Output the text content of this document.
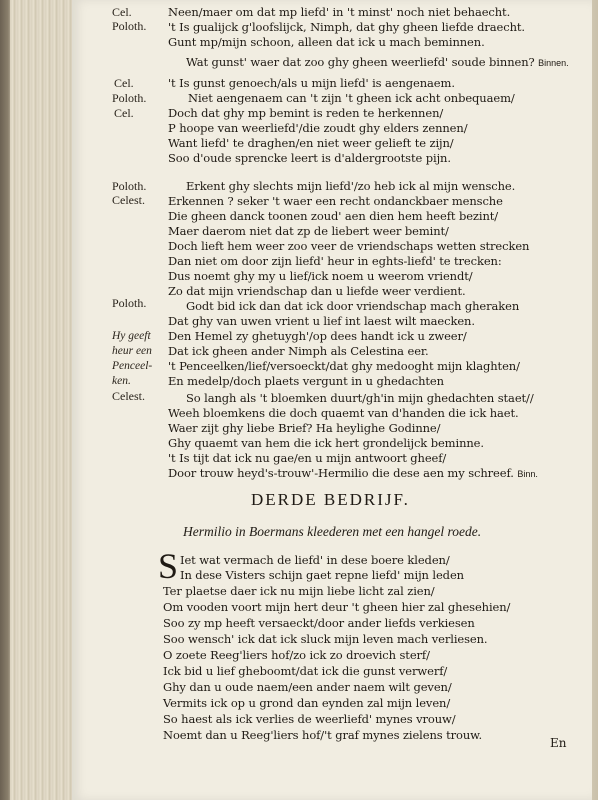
Cel.
Poloth.
Cel.
Poloth.
Cel.
Poloth.
Celest.
Poloth.
Celest.
Hy geeft
heur een
Penceel-
ken.
Neen/maer om dat mp liefd' in 't minst' noch niet behaecht.
't Is gualijck g'loofslijck, Nimph, dat ghy gheen liefde draecht.
Gunt mp/mijn schoon, alleen dat ick u mach beminnen.
Wat gunst' waer dat zoo ghy gheen weerliefd' soude binnen? Binnen.
't Is gunst genoech/als u mijn liefd' is aengenaem.
Niet aengenaem can 't zijn 't gheen ick acht onbequaem/
Doch dat ghy mp bemint is reden te herkennen/
P hoope van weerliefd'/die zoudt ghy elders zennen/
Want liefd' te draghen/en niet weer gelieft te zijn/
Soo d'oude sprencke leert is d'aldergrootste pijn.
Erkent ghy slechts mijn liefd'/zo heb ick al mijn wensche.
Erkennen ? seker 't waer een recht ondanckbaer mensche
Die gheen danck toonen zoud' aen dien hem heeft bezint/
Maer daerom niet dat zp de liebert weer bemint/
Doch lieft hem weer zoo veer de vriendschaps wetten strecken
Dan niet om door zijn liefd' heur in eghts-liefd' te trecken:
Dus noemt ghy my u lief/ick noem u weerom vriendt/
Zo dat mijn vriendschap dan u liefde weer verdient.
Godt bid ick dan dat ick door vriendschap mach gheraken
Dat ghy van uwen vrient u lief int laest wilt maecken.
Den Hemel zy ghetuygh'/op dees handt ick u zweer/
Dat ick gheen ander Nimph als Celestina eer.
't Penceelken/lief/versoeckt/dat ghy medooght mijn klaghten/
En medelp/doch plaets vergunt in u ghedachten
So langh als 't bloemken duurt/gh'in mijn ghedachten staet//
Weeh bloemkens die doch quaemt van d'handen die ick haet.
Waer zijt ghy liebe Brief? Ha heylighe Godinne/
Ghy quaemt van hem die ick hert grondelijck beminne.
't Is tijt dat ick nu gae/en u mijn antwoort gheef/
Door trouw heyd's-trouw'-Hermilio die dese aen my schreef. Binn.
DERDE BEDRIJF.
Hermilio in Boermans kleederen met een hangel roede.
S Iet wat vermach de liefd' in dese boere kleden/
In dese Visters schijn gaet repne liefd' mijn leden
Ter plaetse daer ick nu mijn liebe licht zal zien/
Om vooden voort mijn hert deur 't gheen hier zal ghesehien/
Soo zy mp heeft versaeckt/door ander liefds verkiesen
Soo wensch' ick dat ick sluck mijn leven mach verliesen.
O zoete Reeg'liers hof/zo ick zo droevich sterf/
Ick bid u lief gheboomt/dat ick die gunst verwerf/
Ghy dan u oude naem/een ander naem wilt geven/
Vermits ick op u grond dan eynden zal mijn leven/
So haest als ick verlies de weerliefd' mynes vrouw/
Noemt dan u Reeg'liers hof/'t graf mynes zielens trouw.
En
